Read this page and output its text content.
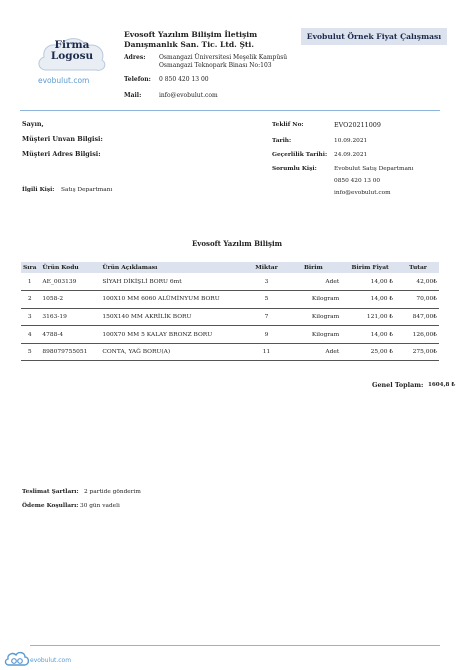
Firma
Logosu
evobulut.com
Evosoft Yazılım Bilişim İletişim Danışmanlık San. Tic. Ltd. Şti.
Adres:	Osmangazi Üniversitesi Meşelik Kampüsü
Osmangazi Teknopark Binası No:103
Telefon:	0 850 420 13 00
Mail:	info@evobulut.com
Evobulut Örnek Fiyat Çalışması
Sayın,
Müşteri Unvan Bilgisi:
Müşteri Adres Bilgisi:
İlgili Kişi: Satış Departmanı
Teklif No:	EVO20211009
Tarih:	10.09.2021
Geçerlilik Tarihi: 24.09.2021
Sorumlu Kişi:	Evobulut Satış Departmanı
0850 420 13 00
info@evobulut.com
Evosoft Yazılım Bilişim
Sıra	Ürün Kodu	Ürün Açıklaması	Miktar	Birim	Birim Fiyat	Tutar
1	AE_003139	SİYAH DİKİŞLİ BORU 6mt	3	Adet	14,00 ₺	42,00₺
2	1058-2	100X10 MM 6060 ALÜMİNYUM BORU	5	Kilogram	14,00 ₺	70,00₺
3	3163-19	150X140 MM AKRİLİK BORU	7	Kilogram	121,00 ₺	847,00₺
4	4788-4	100X70 MM 5 KALAY BRONZ BORU	9	Kilogram	14,00 ₺	126,00₺
5	898079755051	CONTA, YAĞ BORU(A)	11	Adet	25,00 ₺	275,00₺
Genel Toplam: 1604,8 ₺
Teslimat Şartları: 2 partide gönderim
Ödeme Koşulları: 30 gün vadeli
evobulut.com
